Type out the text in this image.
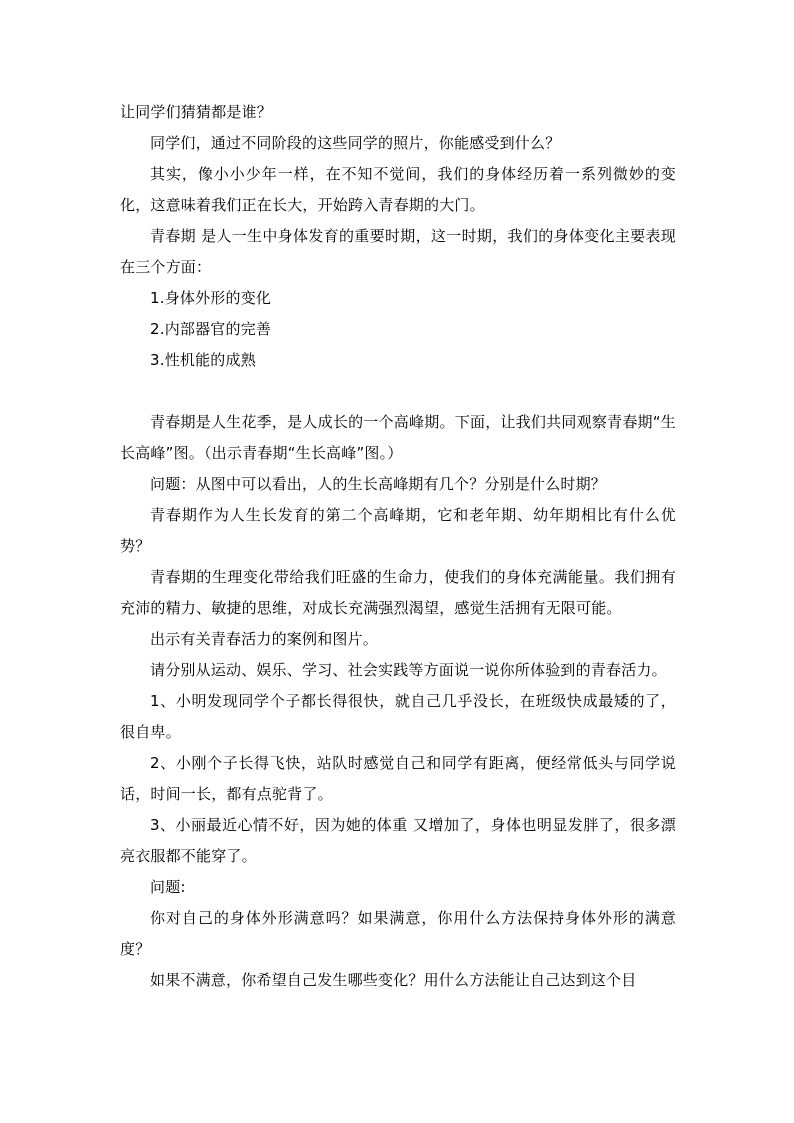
让同学们猜猜都是谁？

同学们，通过不同阶段的这些同学的照片，你能感受到什么？

其实，像小小少年一样，在不知不觉间，我们的身体经历着一系列微妙的变化，这意味着我们正在长大，开始跨入青春期的大门。

青春期 是人一生中身体发育的重要时期，这一时期，我们的身体变化主要表现在三个方面：

1.身体外形的变化

2.内部器官的完善

3.性机能的成熟

青春期是人生花季，是人成长的一个高峰期。下面，让我们共同观察青春期“生长高峰”图。（出示青春期“生长高峰”图。）

问题：从图中可以看出，人的生长高峰期有几个？分别是什么时期？

青春期作为人生长发育的第二个高峰期，它和老年期、幼年期相比有什么优势？

青春期的生理变化带给我们旺盛的生命力，使我们的身体充满能量。我们拥有充沛的精力、敏捷的思维，对成长充满强烈渴望，感觉生活拥有无限可能。

出示有关青春活力的案例和图片。

请分别从运动、娱乐、学习、社会实践等方面说一说你所体验到的青春活力。

1、小明发现同学个子都长得很快，就自己几乎没长，在班级快成最矮的了，很自卑。

2、小刚个子长得飞快，站队时感觉自己和同学有距离，便经常低头与同学说话，时间一长，都有点驼背了。

3、小丽最近心情不好，因为她的体重 又增加了，身体也明显发胖了，很多漂亮衣服都不能穿了。

问题:

你对自己的身体外形满意吗？如果满意，你用什么方法保持身体外形的满意度？

如果不满意，你希望自己发生哪些变化？用什么方法能让自己达到这个目
